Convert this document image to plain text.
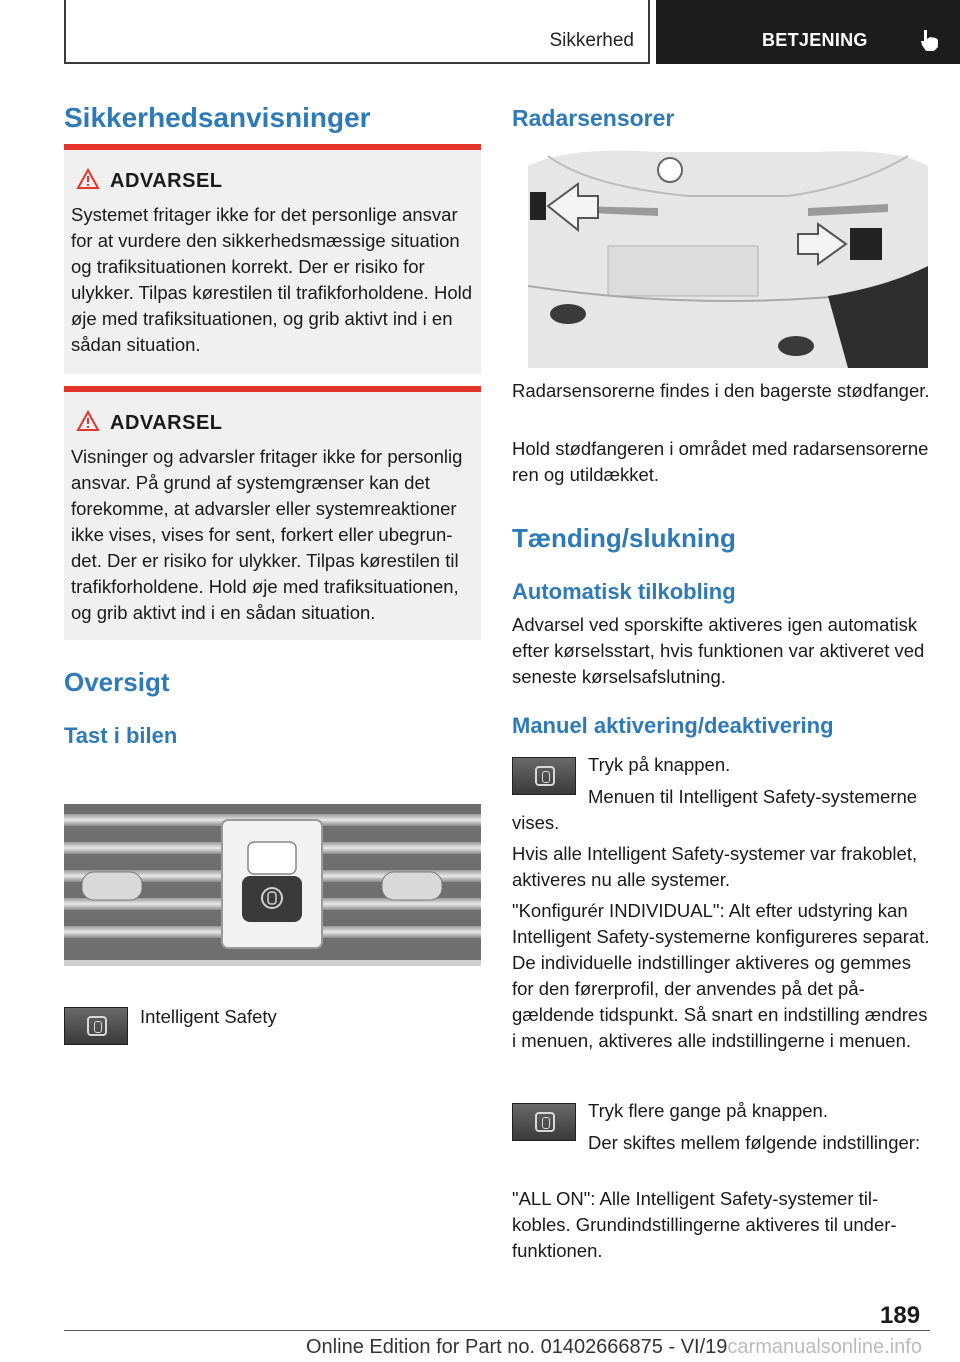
Sikkerhed	BETJENING
Sikkerhedsanvisninger
ADVARSEL

Systemet fritager ikke for det personlige ansvar for at vurdere den sikkerhedsmæssige situation og trafiksituationen korrekt. Der er risiko for ulykker. Tilpas kørestilen til trafikforholdene. Hold øje med trafiksituationen, og grib aktivt ind i en sådan situation.

ADVARSEL

Visninger og advarsler fritager ikke for personlig ansvar. På grund af systemgrænser kan det forekomme, at advarsler eller systemreaktioner ikke vises, vises for sent, forkert eller ubegrundet. Der er risiko for ulykker. Tilpas kørestilen til trafikforholdene. Hold øje med trafiksituationen, og grib aktivt ind i en sådan situation.

Oversigt
Tast i bilen
Intelligent Safety
Radarsensorer
Radarsensorerne findes i den bagerste stødfanger.
Hold stødfangeren i området med radarsensorerne ren og utildækket.
Tænding/slukning
Automatisk tilkobling
Advarsel ved sporskifte aktiveres igen automatisk efter kørselsstart, hvis funktionen var aktiveret ved seneste kørselsafslutning.
Manuel aktivering/deaktivering
Tryk på knappen.
Menuen til Intelligent Safety-systemerne vises.
Hvis alle Intelligent Safety-systemer var frakoblet, aktiveres nu alle systemer.
"Konfigurér INDIVIDUAL": Alt efter udstyring kan Intelligent Safety-systemerne konfigureres separat. De individuelle indstillinger aktiveres og gemmes for den førerprofil, der anvendes på det pågældende tidspunkt. Så snart en indstilling ændres i menuen, aktiveres alle indstillingerne i menuen.
Tryk flere gange på knappen.
Der skiftes mellem følgende indstillinger:
"ALL ON": Alle Intelligent Safety-systemer tilkobles. Grundindstillingerne aktiveres til underfunktionen.
189
Online Edition for Part no. 01402666875 - VI/19carmanualsonline.info
